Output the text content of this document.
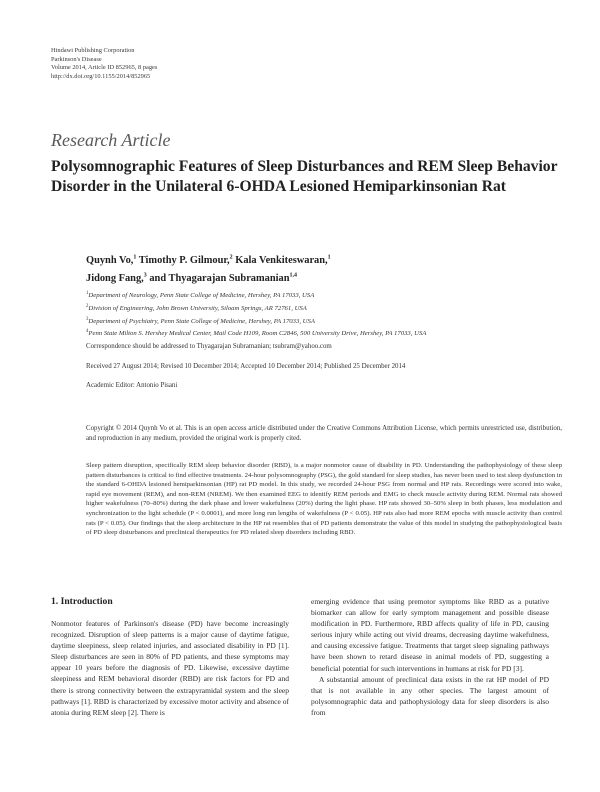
Hindawi Publishing Corporation
Parkinson's Disease
Volume 2014, Article ID 852965, 8 pages
http://dx.doi.org/10.1155/2014/852965
Research Article
Polysomnographic Features of Sleep Disturbances and REM Sleep Behavior Disorder in the Unilateral 6-OHDA Lesioned Hemiparkinsonian Rat
Quynh Vo,$^1$ Timothy P. Gilmour,$^2$ Kala Venkiteswaran,$^1$
Jidong Fang,$^3$ and Thyagarajan Subramanian$^{1,4}$
$^1$Department of Neurology, Penn State College of Medicine, Hershey, PA 17033, USA
$^2$Division of Engineering, John Brown University, Siloam Springs, AR 72761, USA
$^3$Department of Psychiatry, Penn State College of Medicine, Hershey, PA 17033, USA
$^4$Penn State Milton S. Hershey Medical Center, Mail Code H109, Room C2846, 500 University Drive, Hershey, PA 17033, USA
Correspondence should be addressed to Thyagarajan Subramanian; tsubram@yahoo.com
Received 27 August 2014; Revised 10 December 2014; Accepted 10 December 2014; Published 25 December 2014
Academic Editor: Antonio Pisani
Copyright © 2014 Quynh Vo et al. This is an open access article distributed under the Creative Commons Attribution License, which permits unrestricted use, distribution, and reproduction in any medium, provided the original work is properly cited.
Sleep pattern disruption, specifically REM sleep behavior disorder (RBD), is a major nonmotor cause of disability in PD. Understanding the pathophysiology of these sleep pattern disturbances is critical to find effective treatments. 24-hour polysomnography (PSG), the gold standard for sleep studies, has never been used to test sleep dysfunction in the standard 6-OHDA lesioned hemiparkinsonian (HP) rat PD model. In this study, we recorded 24-hour PSG from normal and HP rats. Recordings were scored into wake, rapid eye movement (REM), and non-REM (NREM). We then examined EEG to identify REM periods and EMG to check muscle activity during REM. Normal rats showed higher wakefulness (70–80%) during the dark phase and lower wakefulness (20%) during the light phase. HP rats showed 30–50% sleep in both phases, less modulation and synchronization to the light schedule (P < 0.0001), and more long run lengths of wakefulness (P < 0.05). HP rats also had more REM epochs with muscle activity than control rats (P < 0.05). Our findings that the sleep architecture in the HP rat resembles that of PD patients demonstrate the value of this model in studying the pathophysiological basis of PD sleep disturbances and preclinical therapeutics for PD related sleep disorders including RBD.
1. Introduction

Nonmotor features of Parkinson's disease (PD) have become increasingly recognized. Disruption of sleep patterns is a major cause of daytime fatigue, daytime sleepiness, sleep related injuries, and associated disability in PD [1]. Sleep disturbances are seen in 80% of PD patients, and these symptoms may appear 10 years before the diagnosis of PD. Likewise, excessive daytime sleepiness and REM behavioral disorder (RBD) are risk factors for PD and there is strong connectivity between the extrapyramidal system and the sleep pathways [1]. RBD is characterized by excessive motor activity and absence of atonia during REM sleep [2]. There is

emerging evidence that using premotor symptoms like RBD as a putative biomarker can allow for early symptom management and possible disease modification in PD. Furthermore, RBD affects quality of life in PD, causing serious injury while acting out vivid dreams, decreasing daytime wakefulness, and causing excessive fatigue. Treatments that target sleep signaling pathways have been shown to retard disease in animal models of PD, suggesting a beneficial potential for such interventions in humans at risk for PD [3].

A substantial amount of preclinical data exists in the rat HP model of PD that is not available in any other species. The largest amount of polysomnographic data and pathophysiology data for sleep disorders is also from
